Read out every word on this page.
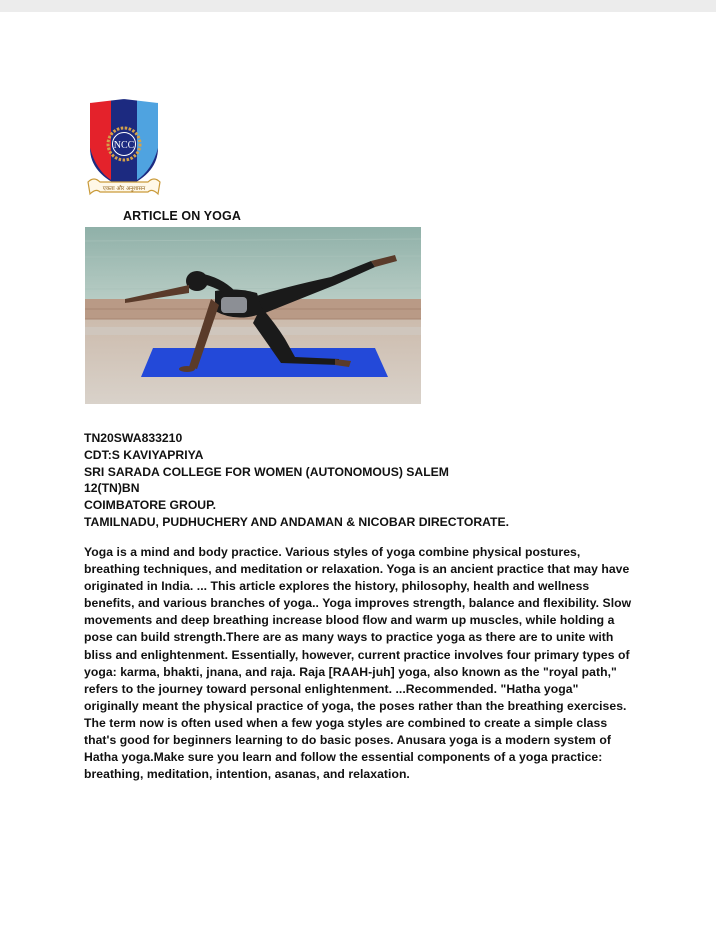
NCC
एकता और अनुशासन
ARTICLE ON YOGA
TN20SWA833210
CDT:S KAVIYAPRIYA
SRI SARADA COLLEGE FOR WOMEN (AUTONOMOUS) SALEM
12(TN)BN
COIMBATORE GROUP.
TAMILNADU, PUDHUCHERY AND ANDAMAN & NICOBAR DIRECTORATE.
Yoga is a mind and body practice. Various styles of yoga combine physical postures, breathing techniques, and meditation or relaxation. Yoga is an ancient practice that may have originated in India. ... This article explores the history, philosophy, health and wellness benefits, and various branches of yoga.. Yoga improves strength, balance and flexibility. Slow movements and deep breathing increase blood flow and warm up muscles, while holding a pose can build strength.There are as many ways to practice yoga as there are to unite with bliss and enlightenment. Essentially, however, current practice involves four primary types of yoga: karma, bhakti, jnana, and raja. Raja [RAAH-juh] yoga, also known as the "royal path," refers to the journey toward personal enlightenment. ...Recommended. "Hatha yoga" originally meant the physical practice of yoga, the poses rather than the breathing exercises. The term now is often used when a few yoga styles are combined to create a simple class that's good for beginners learning to do basic poses. Anusara yoga is a modern system of Hatha yoga.Make sure you learn and follow the essential components of a yoga practice: breathing, meditation, intention, asanas, and relaxation.
